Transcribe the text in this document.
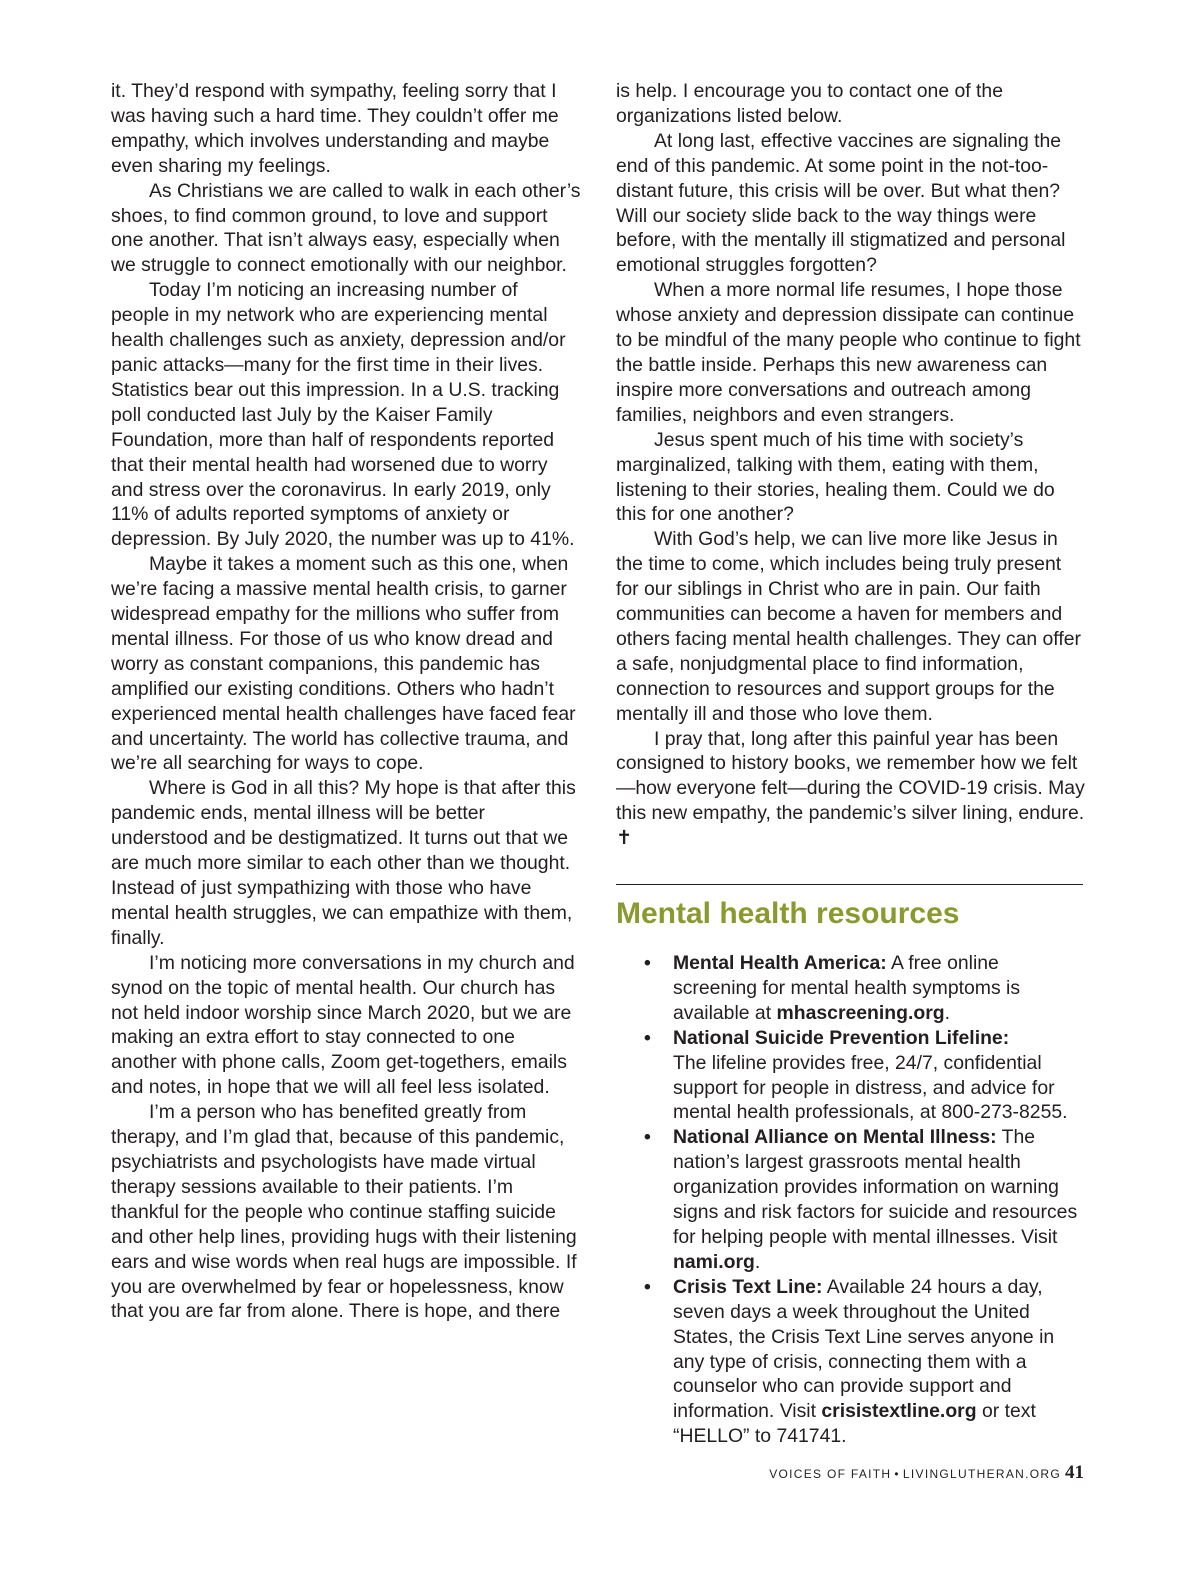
it. They’d respond with sympathy, feeling sorry that I was having such a hard time. They couldn’t offer me empathy, which involves understanding and maybe even sharing my feelings.

As Christians we are called to walk in each other’s shoes, to find common ground, to love and support one another. That isn’t always easy, especially when we struggle to connect emotionally with our neighbor.

Today I’m noticing an increasing number of people in my network who are experiencing mental health challenges such as anxiety, depression and/or panic attacks—many for the first time in their lives. Statistics bear out this impression. In a U.S. tracking poll conducted last July by the Kaiser Family Foundation, more than half of respondents reported that their mental health had worsened due to worry and stress over the coronavirus. In early 2019, only 11% of adults reported symptoms of anxiety or depression. By July 2020, the number was up to 41%.

Maybe it takes a moment such as this one, when we’re facing a massive mental health crisis, to garner widespread empathy for the millions who suffer from mental illness. For those of us who know dread and worry as constant companions, this pandemic has amplified our existing conditions. Others who hadn’t experienced mental health challenges have faced fear and uncertainty. The world has collective trauma, and we’re all searching for ways to cope.

Where is God in all this? My hope is that after this pandemic ends, mental illness will be better understood and be destigmatized. It turns out that we are much more similar to each other than we thought. Instead of just sympathizing with those who have mental health struggles, we can empathize with them, finally.

I’m noticing more conversations in my church and synod on the topic of mental health. Our church has not held indoor worship since March 2020, but we are making an extra effort to stay connected to one another with phone calls, Zoom get-togethers, emails and notes, in hope that we will all feel less isolated.

I’m a person who has benefited greatly from therapy, and I’m glad that, because of this pandemic, psychiatrists and psychologists have made virtual therapy sessions available to their patients. I’m thankful for the people who continue staffing suicide and other help lines, providing hugs with their listening ears and wise words when real hugs are impossible. If you are overwhelmed by fear or hopelessness, know that you are far from alone. There is hope, and there

is help. I encourage you to contact one of the organizations listed below.

At long last, effective vaccines are signaling the end of this pandemic. At some point in the not-too-distant future, this crisis will be over. But what then? Will our society slide back to the way things were before, with the mentally ill stigmatized and personal emotional struggles forgotten?

When a more normal life resumes, I hope those whose anxiety and depression dissipate can continue to be mindful of the many people who continue to fight the battle inside. Perhaps this new awareness can inspire more conversations and outreach among families, neighbors and even strangers.

Jesus spent much of his time with society’s marginalized, talking with them, eating with them, listening to their stories, healing them. Could we do this for one another?

With God’s help, we can live more like Jesus in the time to come, which includes being truly present for our siblings in Christ who are in pain. Our faith communities can become a haven for members and others facing mental health challenges. They can offer a safe, nonjudgmental place to find information, connection to resources and support groups for the mentally ill and those who love them.

I pray that, long after this painful year has been consigned to history books, we remember how we felt—how everyone felt—during the COVID-19 crisis. May this new empathy, the pandemic’s silver lining, endure. ✝

Mental health resources
• Mental Health America: A free online screening for mental health symptoms is available at mhascreening.org.
• National Suicide Prevention Lifeline:
The lifeline provides free, 24/7, confidential support for people in distress, and advice for mental health professionals, at 800-273-8255.
• National Alliance on Mental Illness: The nation’s largest grassroots mental health organization provides information on warning signs and risk factors for suicide and resources for helping people with mental illnesses. Visit nami.org.
• Crisis Text Line: Available 24 hours a day, seven days a week throughout the United States, the Crisis Text Line serves anyone in any type of crisis, connecting them with a counselor who can provide support and information. Visit crisistextline.org or text “HELLO” to 741741.
VOICES OF FAITH • LIVINGLUTHERAN.ORG 41
